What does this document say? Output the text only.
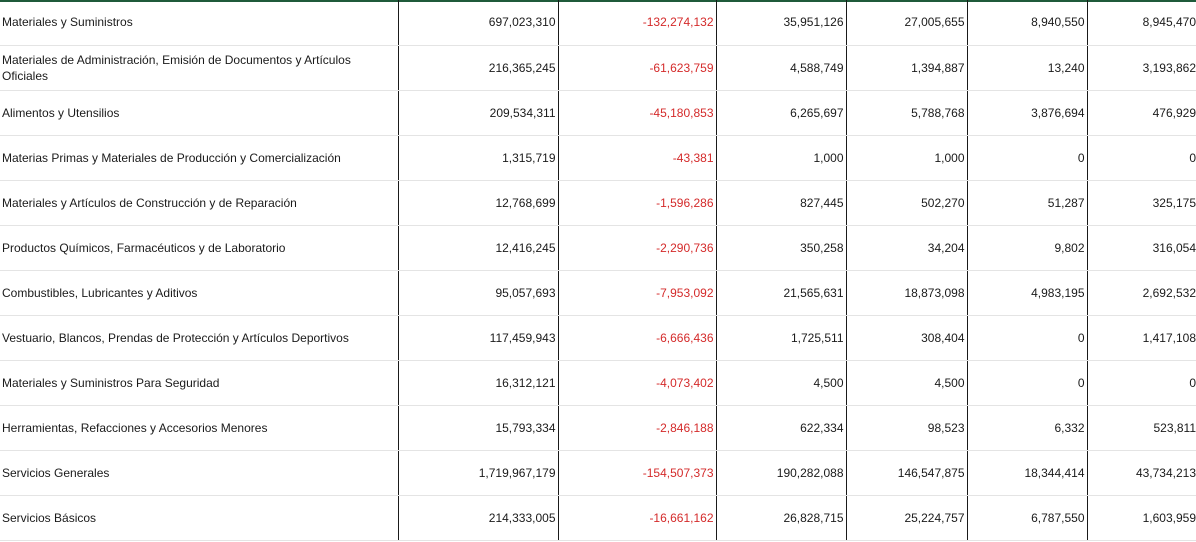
Materiales y Suministros	697,023,310	-132,274,132	35,951,126	27,005,655	8,940,550	8,945,470
Materiales de Administración, Emisión de Documentos y Artículos Oficiales	216,365,245	-61,623,759	4,588,749	1,394,887	13,240	3,193,862
Alimentos y Utensilios	209,534,311	-45,180,853	6,265,697	5,788,768	3,876,694	476,929
Materias Primas y Materiales de Producción y Comercialización	1,315,719	-43,381	1,000	1,000	0	0
Materiales y Artículos de Construcción y de Reparación	12,768,699	-1,596,286	827,445	502,270	51,287	325,175
Productos Químicos, Farmacéuticos y de Laboratorio	12,416,245	-2,290,736	350,258	34,204	9,802	316,054
Combustibles, Lubricantes y Aditivos	95,057,693	-7,953,092	21,565,631	18,873,098	4,983,195	2,692,532
Vestuario, Blancos, Prendas de Protección y Artículos Deportivos	117,459,943	-6,666,436	1,725,511	308,404	0	1,417,108
Materiales y Suministros Para Seguridad	16,312,121	-4,073,402	4,500	4,500	0	0
Herramientas, Refacciones y Accesorios Menores	15,793,334	-2,846,188	622,334	98,523	6,332	523,811
Servicios Generales	1,719,967,179	-154,507,373	190,282,088	146,547,875	18,344,414	43,734,213
Servicios Básicos	214,333,005	-16,661,162	26,828,715	25,224,757	6,787,550	1,603,959
